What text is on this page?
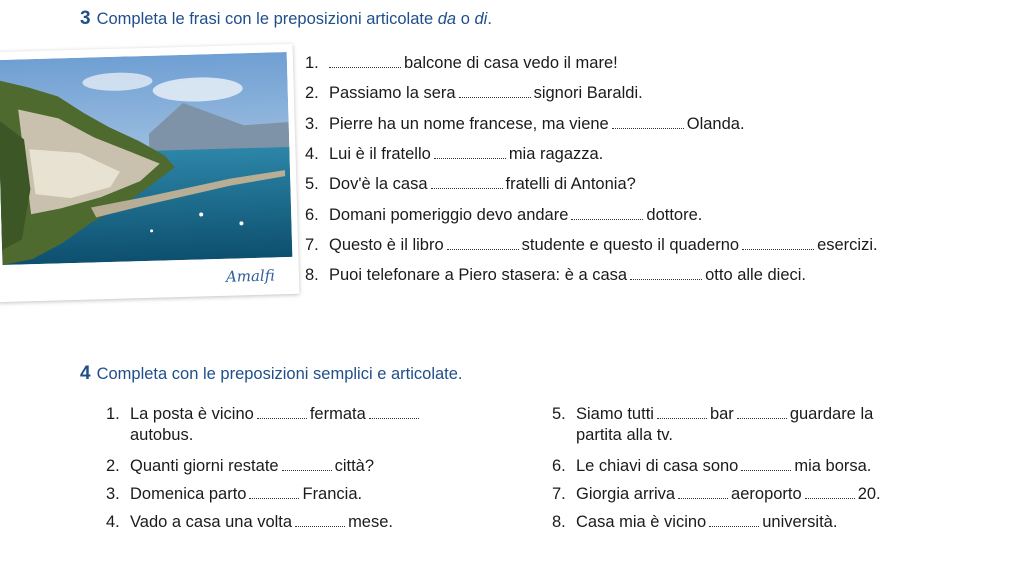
3 Completa le frasi con le preposizioni articolate da o di.
Amalfi
1.	balcone di casa vedo il mare!
2. Passiamo la sera	signori Baraldi.
3. Pierre ha un nome francese, ma viene	Olanda.
4. Lui è il fratello	mia ragazza.
5. Dov'è la casa	fratelli di Antonia?
6. Domani pomeriggio devo andare	dottore.
7. Questo è il libro	studente e questo il quaderno	esercizi.
8. Puoi telefonare a Piero stasera: è a casa	otto alle dieci.
4 Completa con le preposizioni semplici e articolate.
1. La posta è vicino	fermata
autobus.
2. Quanti giorni restate	città?
3. Domenica parto	Francia.
4. Vado a casa una volta	mese.
5. Siamo tutti	bar	guardare la
partita alla tv.
6. Le chiavi di casa sono	mia borsa.
7. Giorgia arriva	aeroporto	20.
8. Casa mia è vicino	università.
